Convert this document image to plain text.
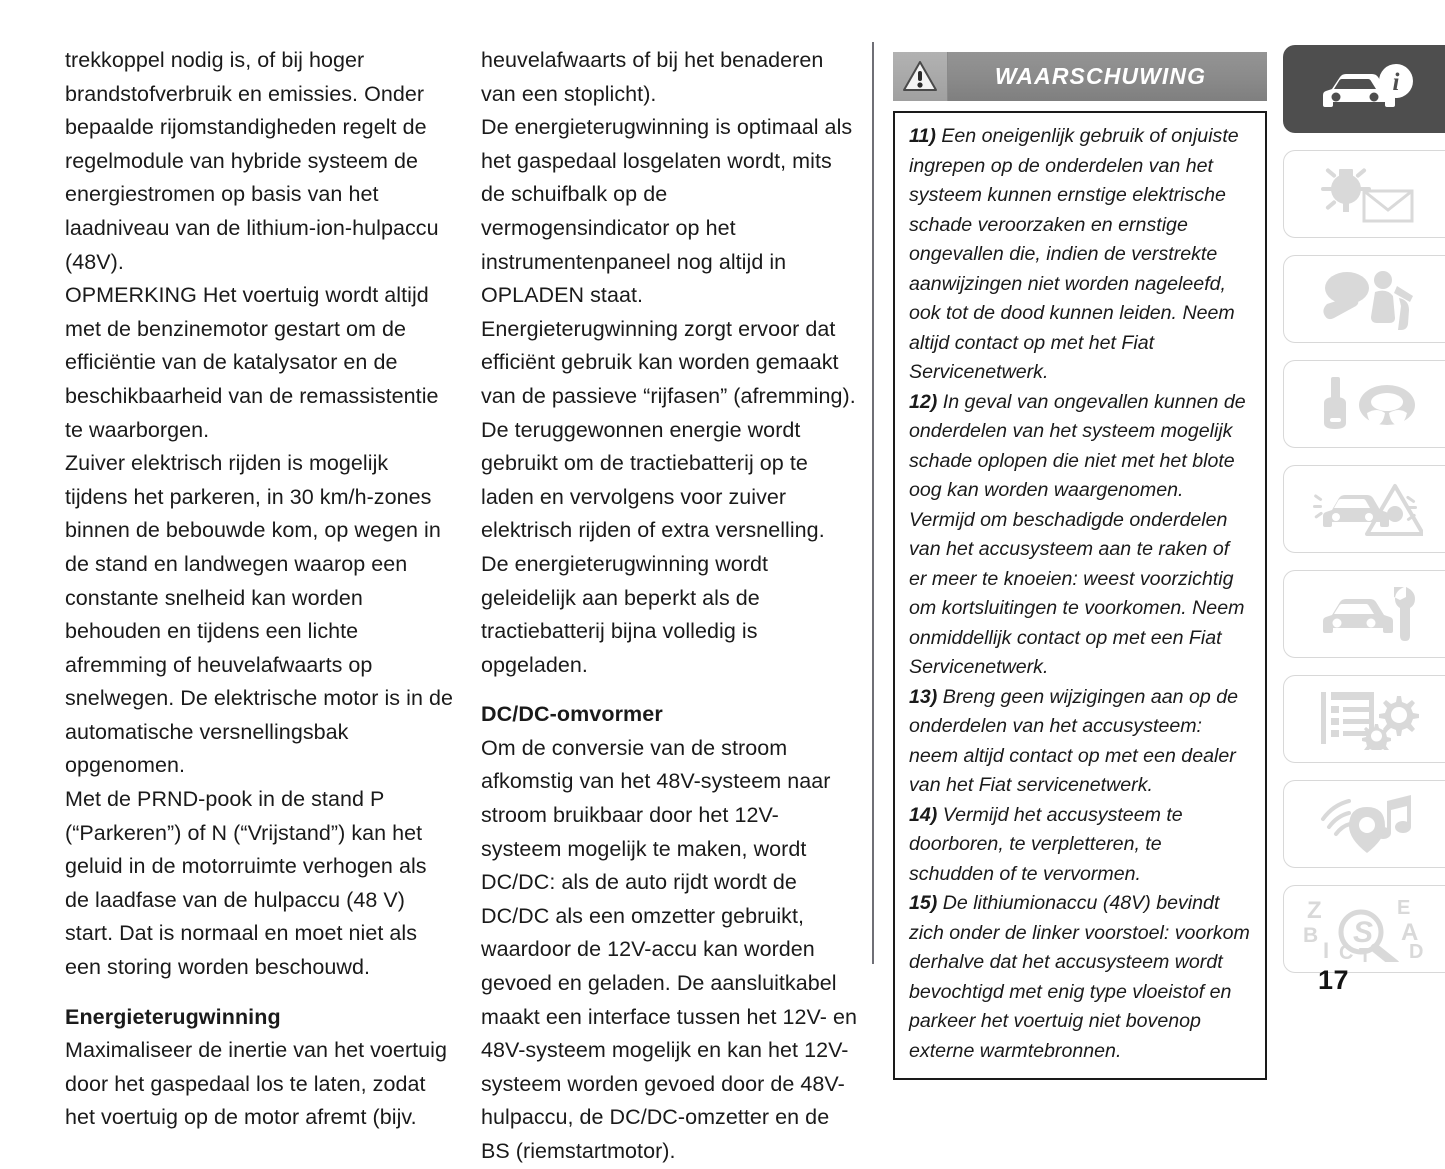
trekkoppel nodig is, of bij hoger brandstofverbruik en emissies. Onder bepaalde rijomstandigheden regelt de regelmodule van hybride systeem de energiestromen op basis van het laadniveau van de lithium-ion-hulpaccu (48V).

OPMERKING Het voertuig wordt altijd met de benzinemotor gestart om de efficiëntie van de katalysator en de beschikbaarheid van de remassistentie te waarborgen.

Zuiver elektrisch rijden is mogelijk tijdens het parkeren, in 30 km/h-zones binnen de bebouwde kom, op wegen in de stand en landwegen waarop een constante snelheid kan worden behouden en tijdens een lichte afremming of heuvelafwaarts op snelwegen. De elektrische motor is in de automatische versnellingsbak opgenomen.

Met de PRND-pook in de stand P (“Parkeren”) of N (“Vrijstand”) kan het geluid in de motorruimte verhogen als de laadfase van de hulpaccu (48 V) start. Dat is normaal en moet niet als een storing worden beschouwd.

Energieterugwinning

Maximaliseer de inertie van het voertuig door het gaspedaal los te laten, zodat het voertuig op de motor afremt (bijv.

heuvelafwaarts of bij het benaderen van een stoplicht).

De energieterugwinning is optimaal als het gaspedaal losgelaten wordt, mits de schuifbalk op de vermogensindicator op het instrumentenpaneel nog altijd in OPLADEN staat.

Energieterugwinning zorgt ervoor dat efficiënt gebruik kan worden gemaakt van de passieve “rijfasen” (afremming). De teruggewonnen energie wordt gebruikt om de tractiebatterij op te laden en vervolgens voor zuiver elektrisch rijden of extra versnelling.

De energieterugwinning wordt geleidelijk aan beperkt als de tractiebatterij bijna volledig is opgeladen.

DC/DC-omvormer

Om de conversie van de stroom afkomstig van het 48V-systeem naar stroom bruikbaar door het 12V-systeem mogelijk te maken, wordt DC/DC: als de auto rijdt wordt de DC/DC als een omzetter gebruikt, waardoor de 12V-accu kan worden gevoed en geladen. De aansluitkabel maakt een interface tussen het 12V- en 48V-systeem mogelijk en kan het 12V-systeem worden gevoed door de 48V-hulpaccu, de DC/DC-omzetter en de BS (riemstartmotor).

WAARSCHUWING

11) Een oneigenlijk gebruik of onjuiste ingrepen op de onderdelen van het systeem kunnen ernstige elektrische schade veroorzaken en ernstige ongevallen die, indien de verstrekte aanwijzingen niet worden nageleefd, ook tot de dood kunnen leiden. Neem altijd contact op met het Fiat Servicenetwerk.

12) In geval van ongevallen kunnen de onderdelen van het systeem mogelijk schade oplopen die niet met het blote oog kan worden waargenomen. Vermijd om beschadigde onderdelen van het accusysteem aan te raken of er meer te knoeien: weest voorzichtig om kortsluitingen te voorkomen. Neem onmiddellijk contact op met een Fiat Servicenetwerk.

13) Breng geen wijzigingen aan op de onderdelen van het accusysteem: neem altijd contact op met een dealer van het Fiat servicenetwerk.

14) Vermijd het accusysteem te doorboren, te verpletteren, te schudden of te vervormen.

15) De lithiumionaccu (48V) bevindt zich onder de linker voorstoel: voorkom derhalve dat het accusysteem wordt bevochtigd met enig type vloeistof en parkeer het voertuig niet bovenop externe warmtebronnen.

i
Z
B
I C T
E
A
D
S
17
